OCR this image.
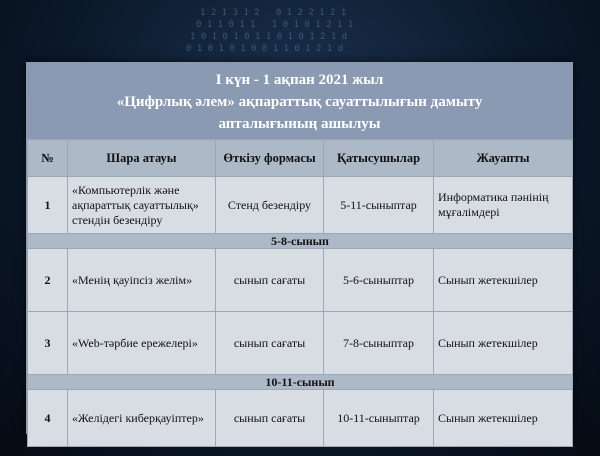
1 2 1 3 1 2   0 1 2 2 1 2 1

0 1 1 0 1 1   1 0 1 0 1 2 1 1

1 0 1 0 1 0 1 1 0 1 0 1 2 1 d

0 1 0 1 0 1 0 0 1 1 0 1 2 1 d

І күн - 1 ақпан 2021 жыл
«Цифрлық әлем» ақпараттық сауаттылығын дамыту
апталығының ашылуы
№	Шара атауы	Өткізу формасы	Қатысушылар	Жауапты
1	«Компьютерлік және ақпараттық сауаттылық» стендін безендіру	Стенд безендіру	5-11-сыныптар	Информатика пәнінің мұғалімдері
5-8-сынып				
2	«Менің қауіпсіз желім»	сынып сағаты	5-6-сыныптар	Сынып жетекшілер
3	«Web-тәрбие ережелері»	сынып сағаты	7-8-сыныптар	Сынып жетекшілер
10-11-сынып				
4	«Желідегі киберқауіптер»	сынып сағаты	10-11-сыныптар	Сынып жетекшілер
